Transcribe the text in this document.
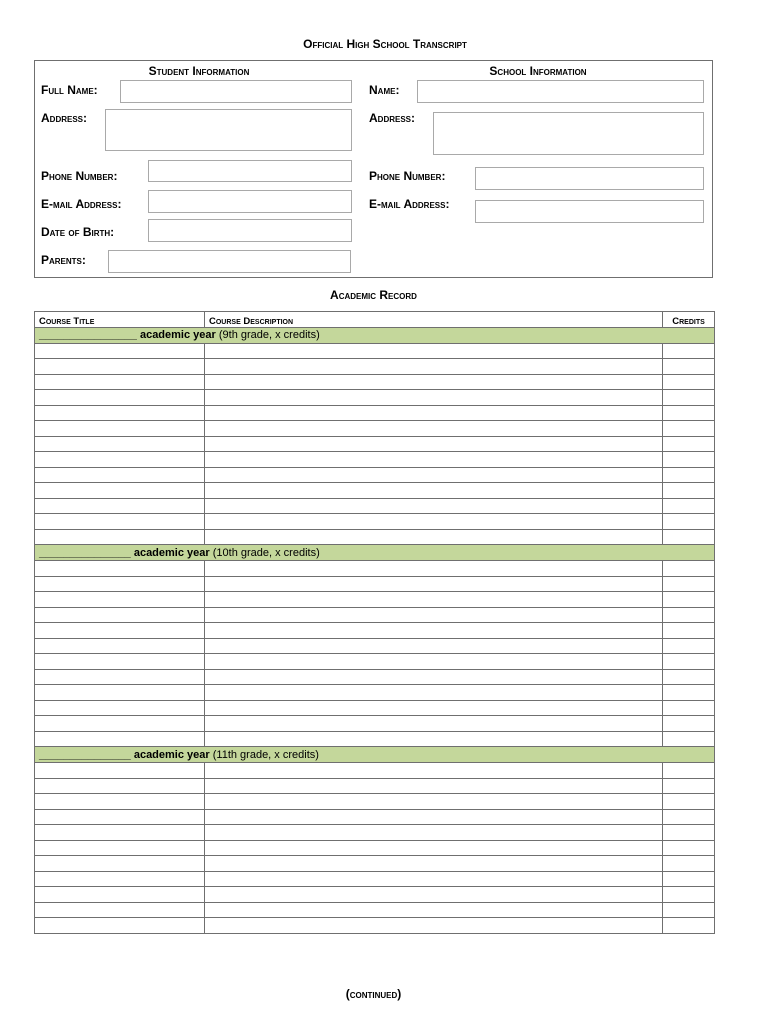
Official High School Transcript
Student Information
Full Name:
Address:
Phone Number:
E-mail Address:
Date of Birth:
Parents:
School Information
Name:
Address:
Phone Number:
E-mail Address:
Academic Record
Course Title	Course Description	Credits
________________ academic year (9th grade, x credits)		

_______________ academic year (10th grade, x credits)		

_______________ academic year (11th grade, x credits)		

(continued)
